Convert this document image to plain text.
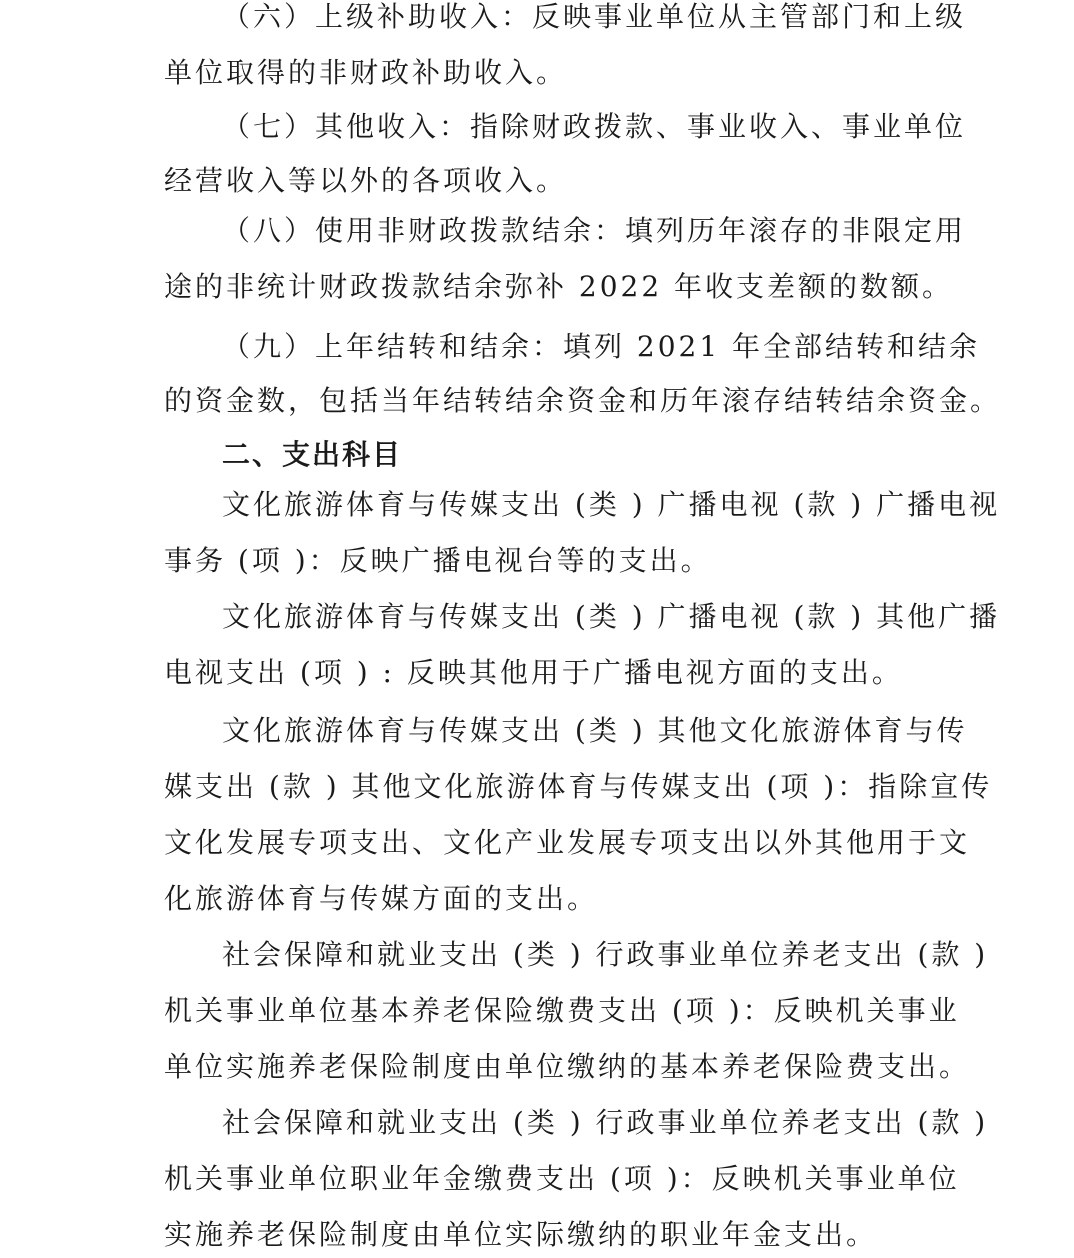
（六）上级补助收入：反映事业单位从主管部门和上级
单位取得的非财政补助收入。
（七）其他收入：指除财政拨款、事业收入、事业单位
经营收入等以外的各项收入。
（八）使用非财政拨款结余：填列历年滚存的非限定用
途的非统计财政拨款结余弥补 2022 年收支差额的数额。
（九）上年结转和结余：填列 2021 年全部结转和结余
的资金数，包括当年结转结余资金和历年滚存结转结余资金。
二、支出科目
文化旅游体育与传媒支出 (类 ) 广播电视 (款 ) 广播电视
事务 (项 )：反映广播电视台等的支出。
文化旅游体育与传媒支出 (类 ) 广播电视 (款 ) 其他广播
电视支出 (项 ) : 反映其他用于广播电视方面的支出。
文化旅游体育与传媒支出 (类 ) 其他文化旅游体育与传
媒支出 (款 ) 其他文化旅游体育与传媒支出 (项 )：指除宣传
文化发展专项支出、文化产业发展专项支出以外其他用于文
化旅游体育与传媒方面的支出。
社会保障和就业支出 (类 ) 行政事业单位养老支出 (款 )
机关事业单位基本养老保险缴费支出 (项 )：反映机关事业
单位实施养老保险制度由单位缴纳的基本养老保险费支出。
社会保障和就业支出 (类 ) 行政事业单位养老支出 (款 )
机关事业单位职业年金缴费支出 (项 )：反映机关事业单位
实施养老保险制度由单位实际缴纳的职业年金支出。
